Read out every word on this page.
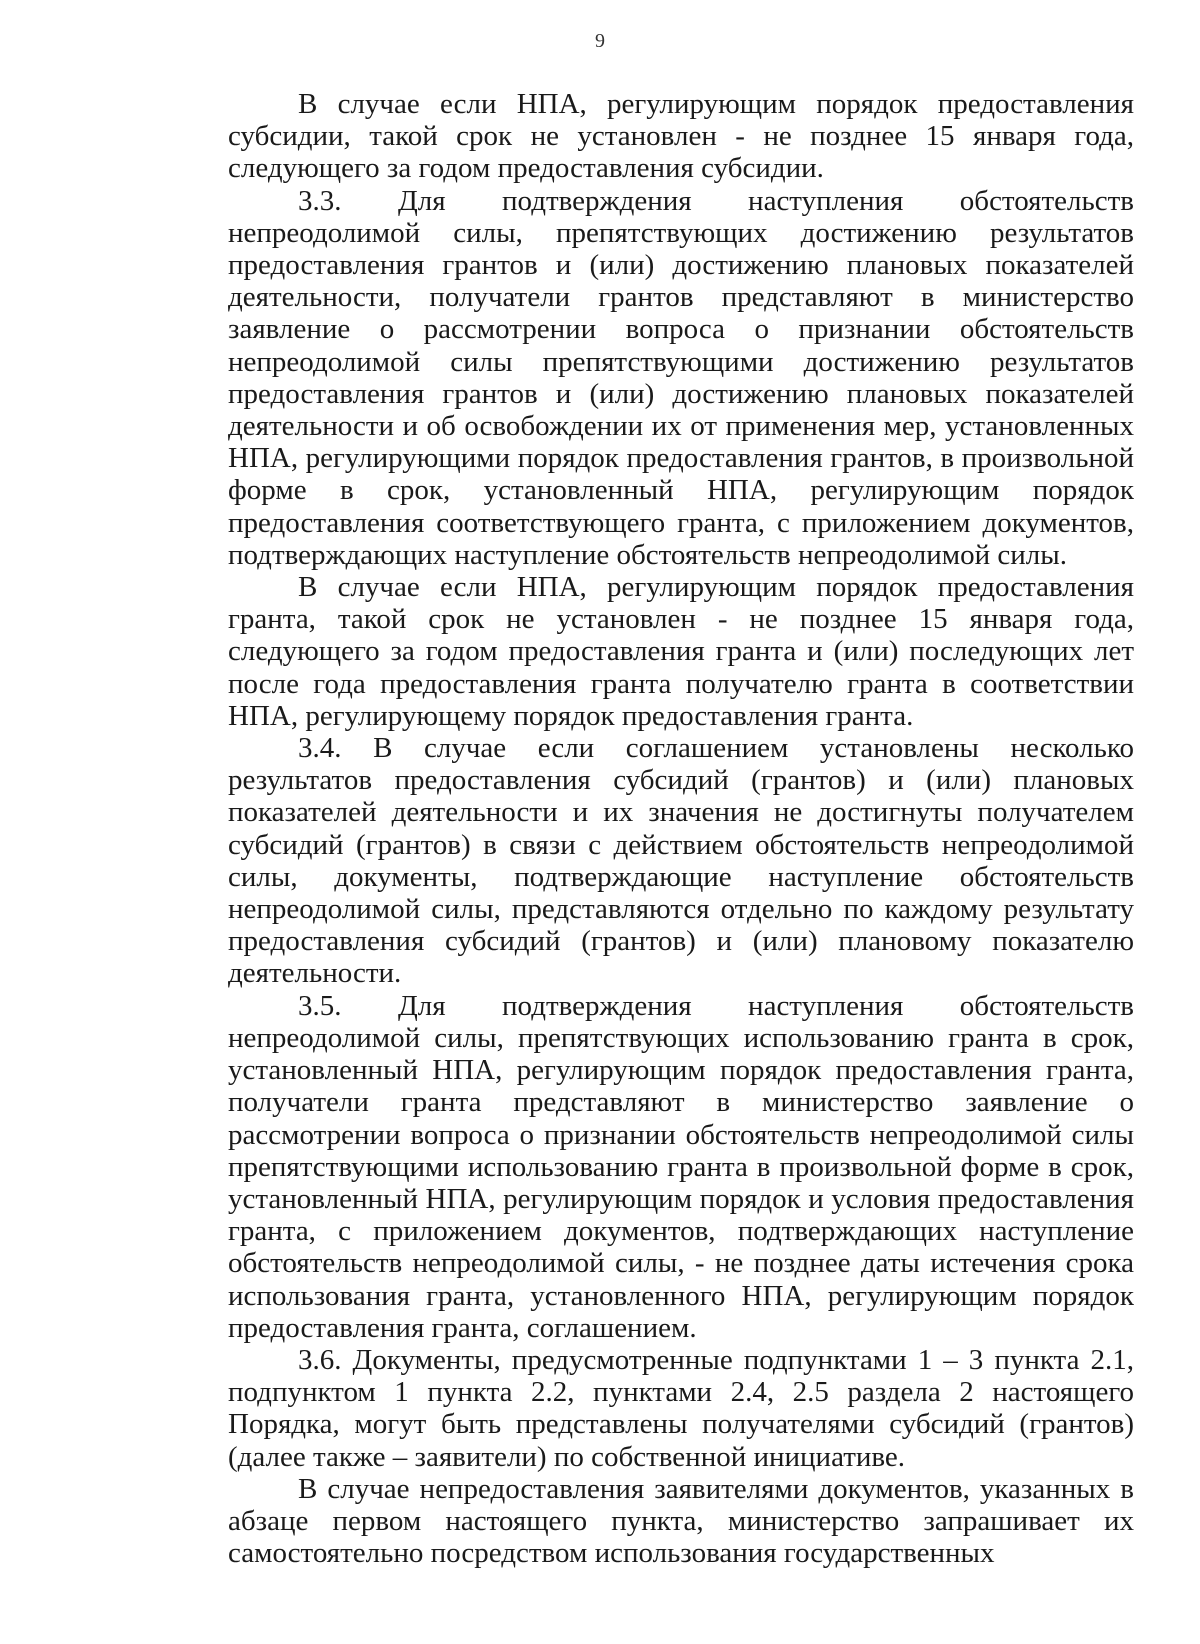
9

В случае если НПА, регулирующим порядок предоставления субсидии, такой срок не установлен - не позднее 15 января года, следующего за годом предоставления субсидии.

3.3. Для подтверждения наступления обстоятельств непреодолимой силы, препятствующих достижению результатов предоставления грантов и (или) достижению плановых показателей деятельности, получатели грантов представляют в министерство заявление о рассмотрении вопроса о признании обстоятельств непреодолимой силы препятствующими достижению результатов предоставления грантов и (или) достижению плановых показателей деятельности и об освобождении их от применения мер, установленных НПА, регулирующими порядок предоставления грантов, в произвольной форме в срок, установленный НПА, регулирующим порядок предоставления соответствующего гранта, с приложением документов, подтверждающих наступление обстоятельств непреодолимой силы.

В случае если НПА, регулирующим порядок предоставления гранта, такой срок не установлен - не позднее 15 января года, следующего за годом предоставления гранта и (или) последующих лет после года предоставления гранта получателю гранта в соответствии НПА, регулирующему порядок предоставления гранта.

3.4. В случае если соглашением установлены несколько результатов предоставления субсидий (грантов) и (или) плановых показателей деятельности и их значения не достигнуты получателем субсидий (грантов) в связи с действием обстоятельств непреодолимой силы, документы, подтверждающие наступление обстоятельств непреодолимой силы, представляются отдельно по каждому результату предоставления субсидий (грантов) и (или) плановому показателю деятельности.

3.5. Для подтверждения наступления обстоятельств непреодолимой силы, препятствующих использованию гранта в срок, установленный НПА, регулирующим порядок предоставления гранта, получатели гранта представляют в министерство заявление о рассмотрении вопроса о признании обстоятельств непреодолимой силы препятствующими использованию гранта в произвольной форме в срок, установленный НПА, регулирующим порядок и условия предоставления гранта, с приложением документов, подтверждающих наступление обстоятельств непреодолимой силы, - не позднее даты истечения срока использования гранта, установленного НПА, регулирующим порядок предоставления гранта, соглашением.

3.6. Документы, предусмотренные подпунктами 1 – 3 пункта 2.1, подпунктом 1 пункта 2.2, пунктами 2.4, 2.5 раздела 2 настоящего Порядка, могут быть представлены получателями субсидий (грантов) (далее также – заявители) по собственной инициативе.

В случае непредоставления заявителями документов, указанных в абзаце первом настоящего пункта, министерство запрашивает их самостоятельно посредством использования государственных
